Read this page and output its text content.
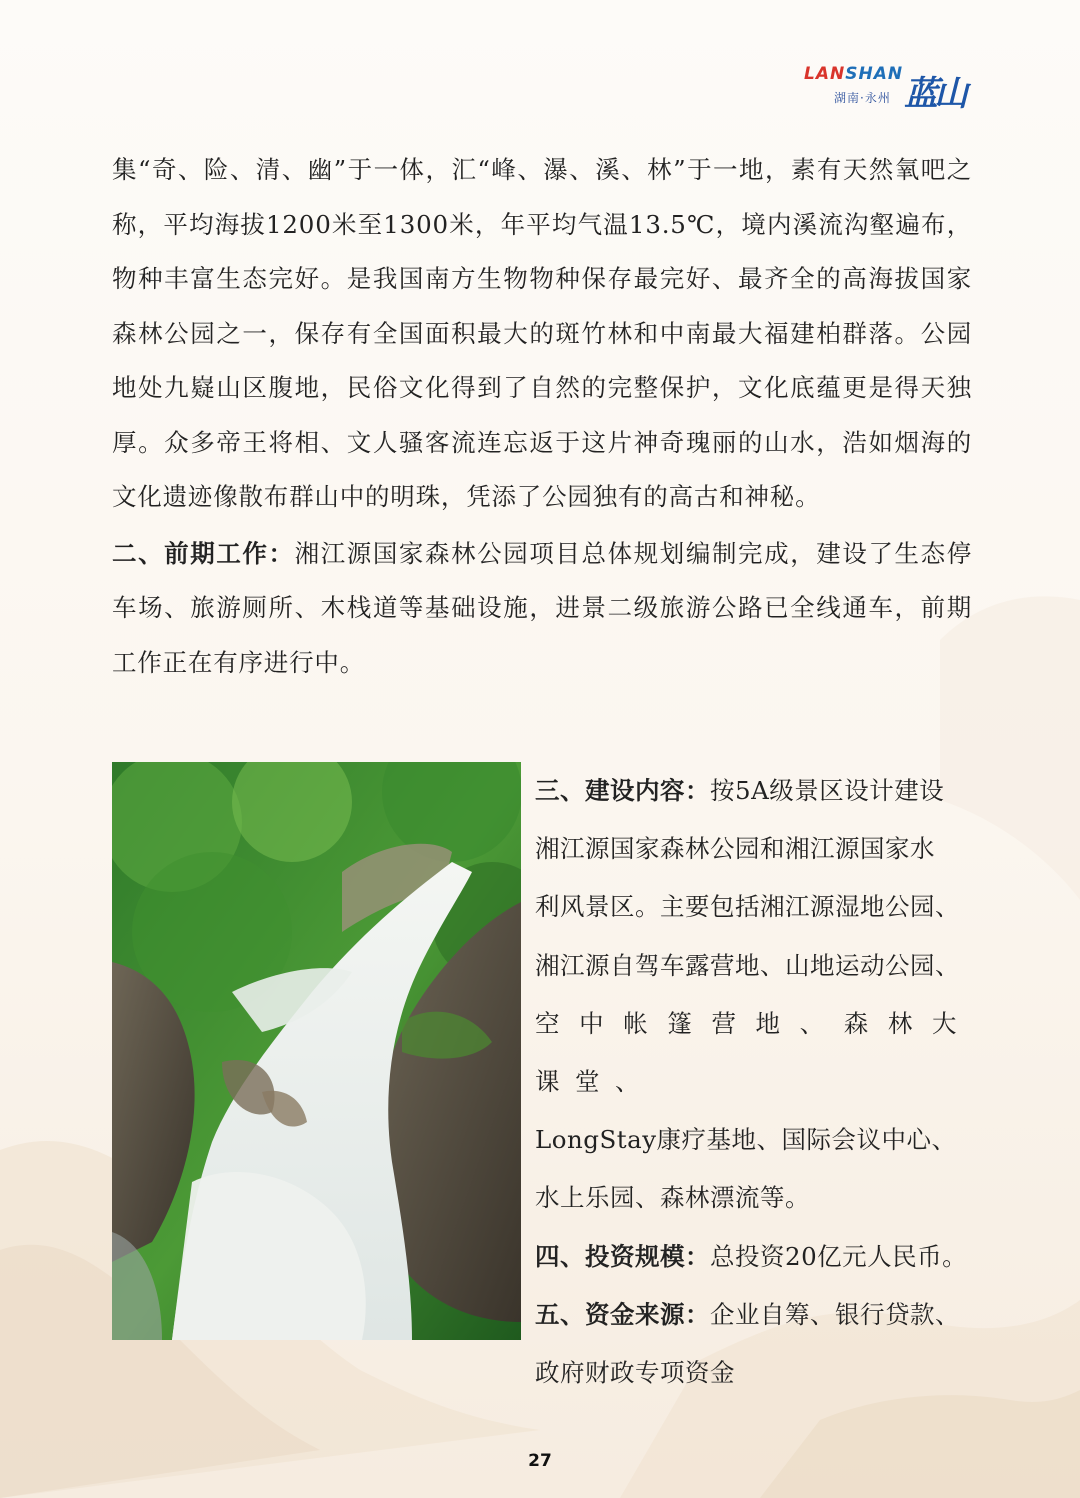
LANSHAN
湖南·永州 蓝山

集“奇、险、清、幽”于一体，汇“峰、瀑、溪、林”于一地，素有天然氧吧之称，平均海拔1200米至1300米，年平均气温13.5℃，境内溪流沟壑遍布，物种丰富生态完好。是我国南方生物物种保存最完好、最齐全的高海拔国家森林公园之一，保存有全国面积最大的斑竹林和中南最大福建柏群落。公园地处九嶷山区腹地，民俗文化得到了自然的完整保护，文化底蕴更是得天独厚。众多帝王将相、文人骚客流连忘返于这片神奇瑰丽的山水，浩如烟海的文化遗迹像散布群山中的明珠，凭添了公园独有的高古和神秘。

二、前期工作：湘江源国家森林公园项目总体规划编制完成，建设了生态停车场、旅游厕所、木栈道等基础设施，进景二级旅游公路已全线通车，前期工作正在有序进行中。

三、建设内容：按5A级景区设计建设

湘江源国家森林公园和湘江源国家水

利风景区。主要包括湘江源湿地公园、

湘江源自驾车露营地、山地运动公园、

空中帐篷营地、森林大课堂、

LongStay康疗基地、国际会议中心、

水上乐园、森林漂流等。

四、投资规模：总投资20亿元人民币。

五、资金来源：企业自筹、银行贷款、

政府财政专项资金

27
